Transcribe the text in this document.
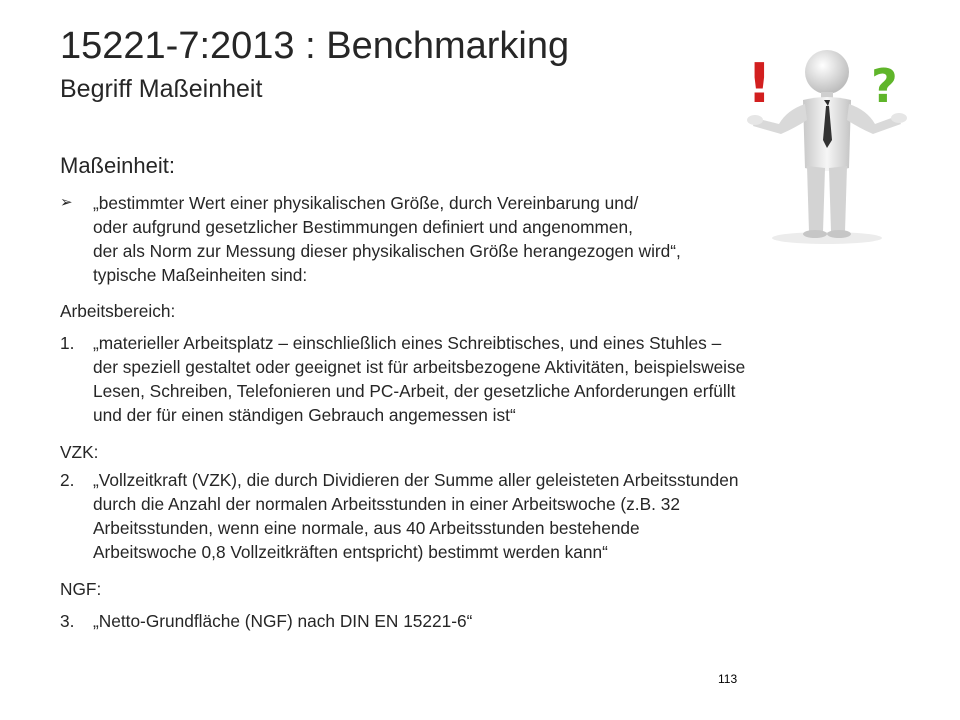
15221-7:2013 : Benchmarking
Begriff Maßeinheit	! ?
Maßeinheit:
➢ „bestimmter Wert einer physikalischen Größe, durch Vereinbarung und/
oder aufgrund gesetzlicher Bestimmungen definiert und angenommen,
der als Norm zur Messung dieser physikalischen Größe herangezogen wird“,
typische Maßeinheiten sind:
Arbeitsbereich:
1. „materieller Arbeitsplatz – einschließlich eines Schreibtisches, und eines Stuhles –
der speziell gestaltet oder geeignet ist für arbeitsbezogene Aktivitäten, beispielsweise
Lesen, Schreiben, Telefonieren und PC-Arbeit, der gesetzliche Anforderungen erfüllt
und der für einen ständigen Gebrauch angemessen ist“
VZK:
2. „Vollzeitkraft (VZK), die durch Dividieren der Summe aller geleisteten Arbeitsstunden
durch die Anzahl der normalen Arbeitsstunden in einer Arbeitswoche (z.B. 32
Arbeitsstunden, wenn eine normale, aus 40 Arbeitsstunden bestehende
Arbeitswoche 0,8 Vollzeitkräften entspricht) bestimmt werden kann“
NGF:
3. „Netto-Grundfläche (NGF) nach DIN EN 15221-6“
113
